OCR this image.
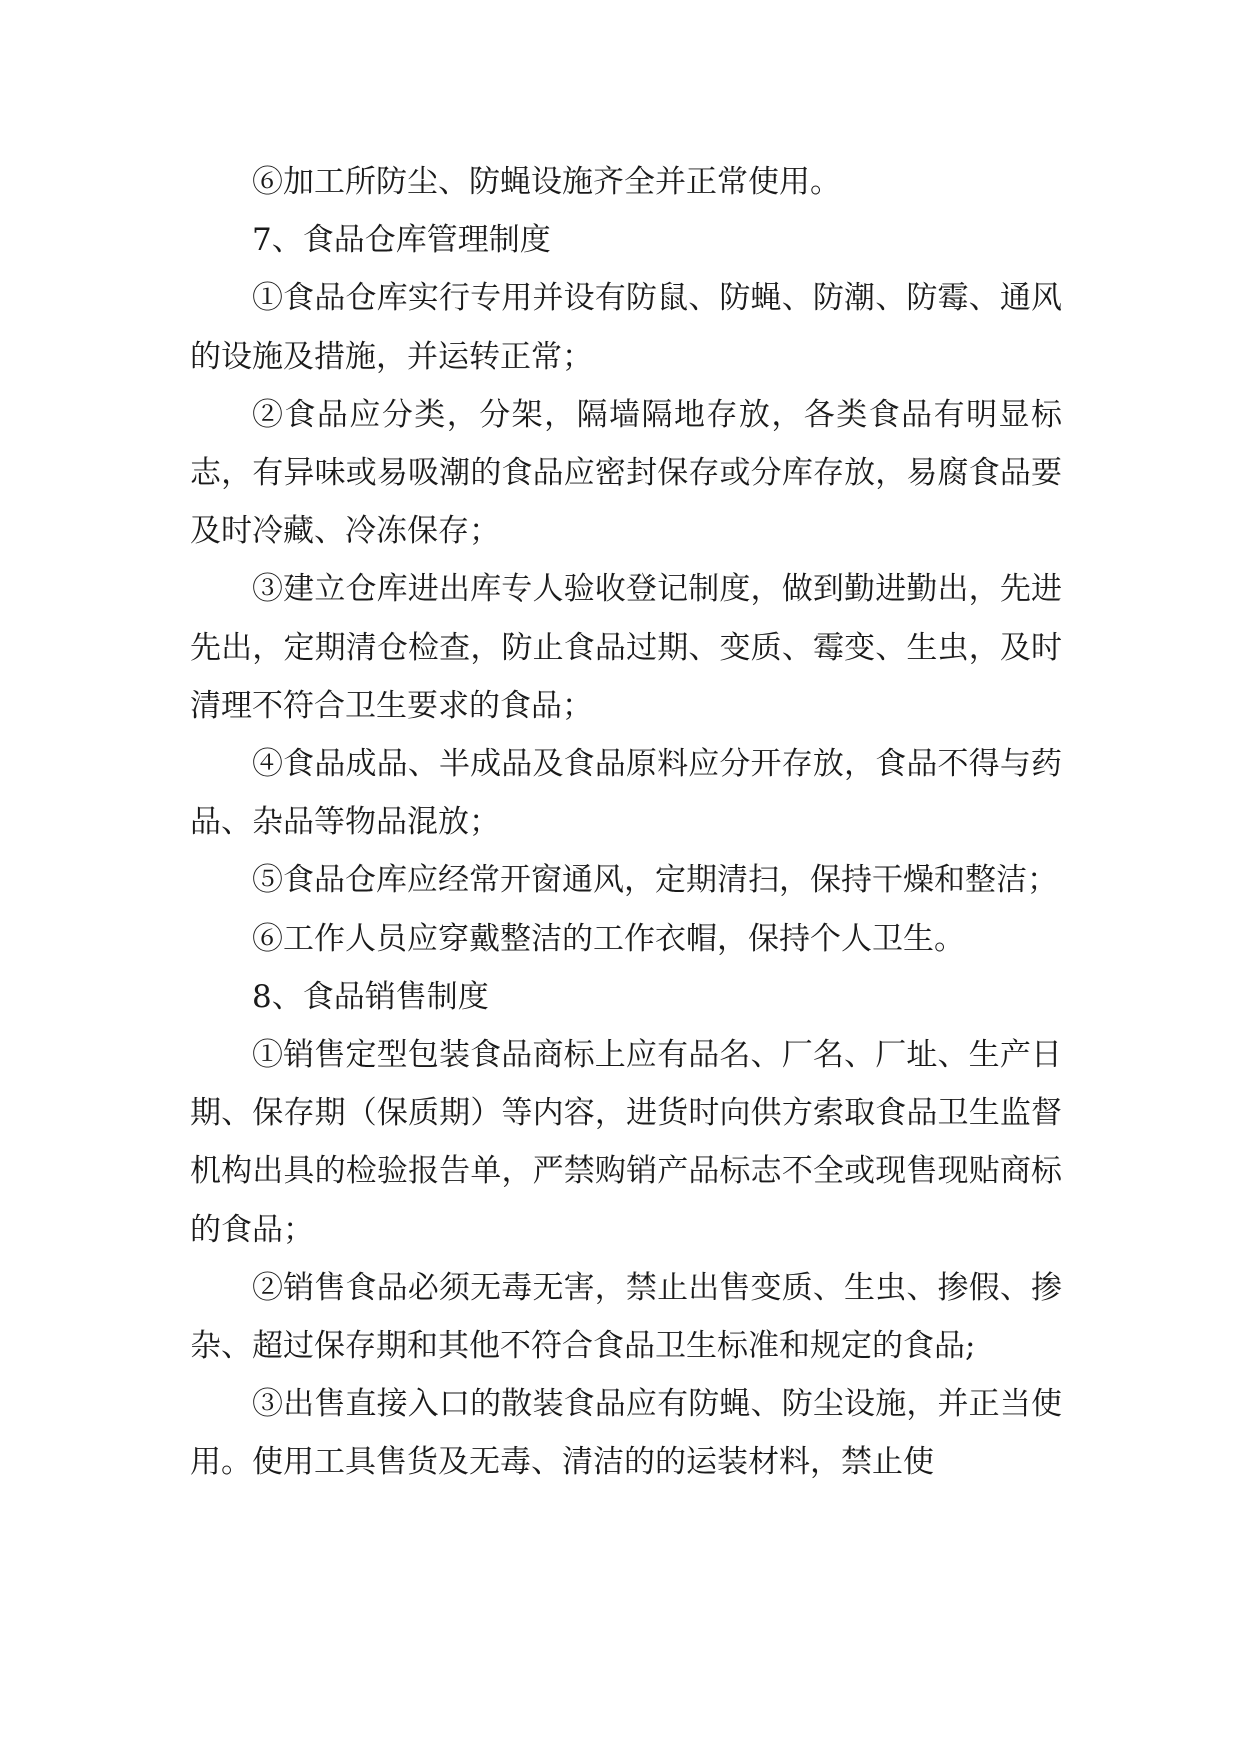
⑥加工所防尘、防蝇设施齐全并正常使用。

7、食品仓库管理制度

①食品仓库实行专用并设有防鼠、防蝇、防潮、防霉、通风的设施及措施，并运转正常；

②食品应分类，分架，隔墙隔地存放，各类食品有明显标志，有异味或易吸潮的食品应密封保存或分库存放，易腐食品要及时冷藏、冷冻保存；

③建立仓库进出库专人验收登记制度，做到勤进勤出，先进先出，定期清仓检查，防止食品过期、变质、霉变、生虫，及时清理不符合卫生要求的食品；

④食品成品、半成品及食品原料应分开存放，食品不得与药品、杂品等物品混放；

⑤食品仓库应经常开窗通风，定期清扫，保持干燥和整洁；

⑥工作人员应穿戴整洁的工作衣帽，保持个人卫生。

8、食品销售制度

①销售定型包装食品商标上应有品名、厂名、厂址、生产日期、保存期（保质期）等内容，进货时向供方索取食品卫生监督机构出具的检验报告单，严禁购销产品标志不全或现售现贴商标的食品；

②销售食品必须无毒无害，禁止出售变质、生虫、掺假、掺杂、超过保存期和其他不符合食品卫生标准和规定的食品;

③出售直接入口的散装食品应有防蝇、防尘设施，并正当使用。使用工具售货及无毒、清洁的的运装材料，禁止使
